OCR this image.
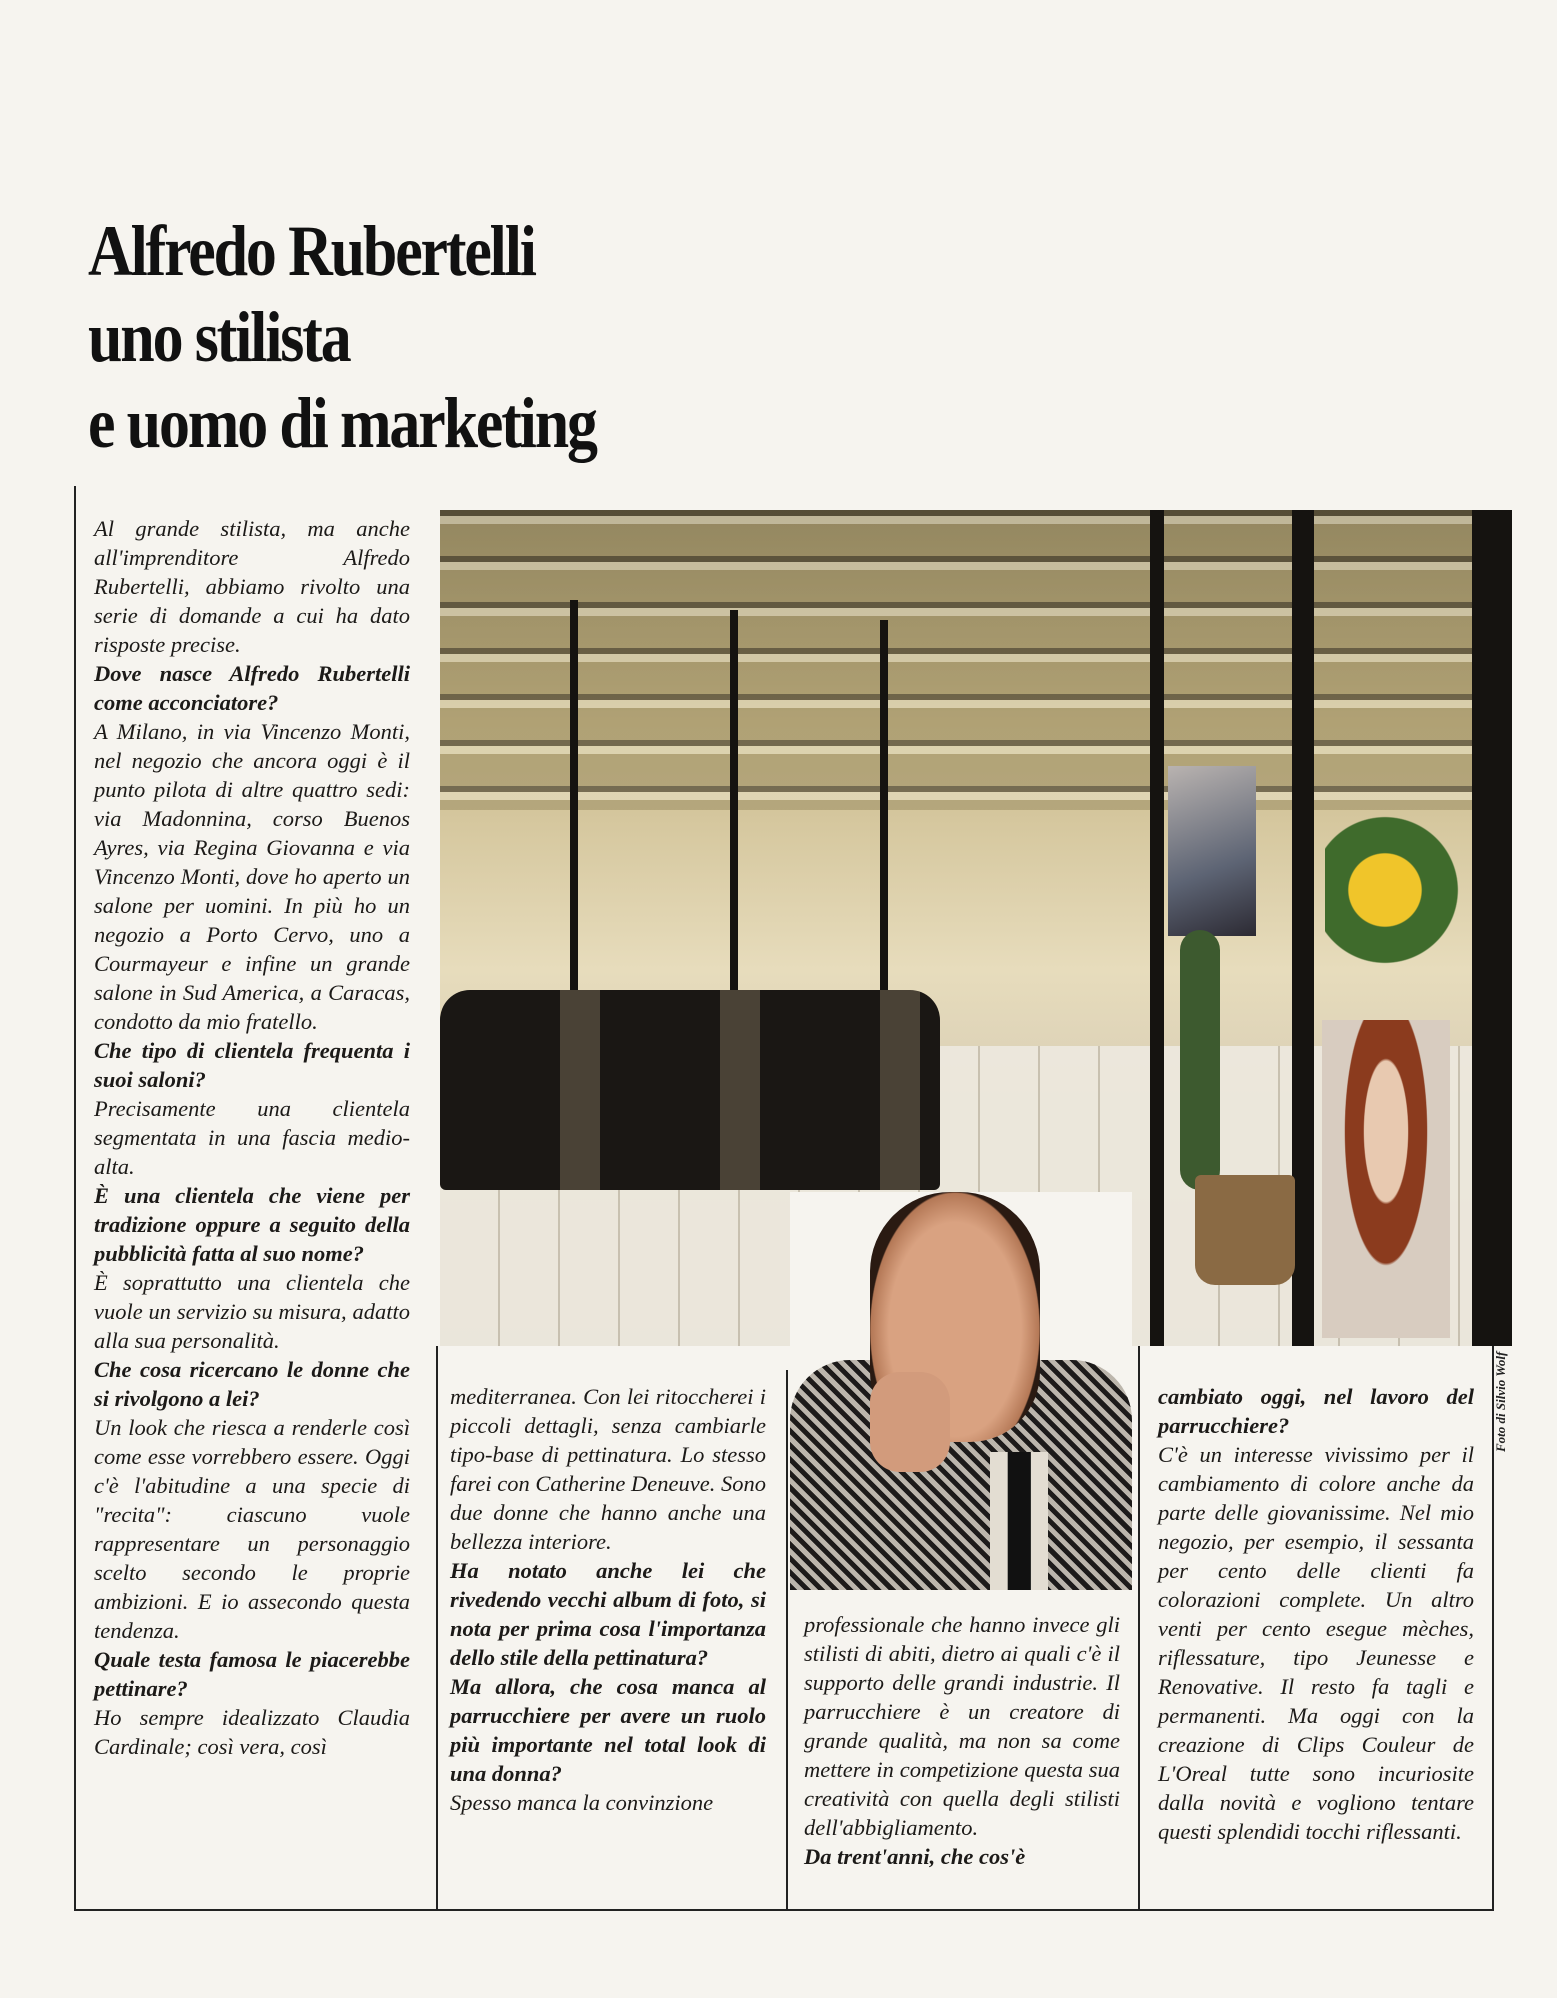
Alfredo Rubertelli
uno stilista
e uomo di marketing
Foto di Silvio Wolf

Al grande stilista, ma anche all'imprenditore Alfredo Rubertelli, abbiamo rivolto una serie di domande a cui ha dato risposte precise.

Dove nasce Alfredo Rubertelli come acconciatore?

A Milano, in via Vincenzo Monti, nel negozio che ancora oggi è il punto pilota di altre quattro sedi: via Madonnina, corso Buenos Ayres, via Regina Giovanna e via Vincenzo Monti, dove ho aperto un salone per uomini. In più ho un negozio a Porto Cervo, uno a Courmayeur e infine un grande salone in Sud America, a Caracas, condotto da mio fratello.

Che tipo di clientela frequenta i suoi saloni?

Precisamente una clientela segmentata in una fascia medio-alta.

È una clientela che viene per tradizione oppure a seguito della pubblicità fatta al suo nome?

È soprattutto una clientela che vuole un servizio su misura, adatto alla sua personalità.

Che cosa ricercano le donne che si rivolgono a lei?

Un look che riesca a renderle così come esse vorrebbero essere. Oggi c'è l'abitudine a una specie di "recita": ciascuno vuole rappresentare un personaggio scelto secondo le proprie ambizioni. E io assecondo questa tendenza.

Quale testa famosa le piacerebbe pettinare?

Ho sempre idealizzato Claudia Cardinale; così vera, così

mediterranea. Con lei ritoccherei i piccoli dettagli, senza cambiarle tipo-base di pettinatura. Lo stesso farei con Catherine Deneuve. Sono due donne che hanno anche una bellezza interiore.

Ha notato anche lei che rivedendo vecchi album di foto, si nota per prima cosa l'importanza dello stile della pettinatura?

Ma allora, che cosa manca al parrucchiere per avere un ruolo più importante nel total look di una donna?

Spesso manca la convinzione

professionale che hanno invece gli stilisti di abiti, dietro ai quali c'è il supporto delle grandi industrie. Il parrucchiere è un creatore di grande qualità, ma non sa come mettere in competizione questa sua creatività con quella degli stilisti dell'abbigliamento.

Da trent'anni, che cos'è

cambiato oggi, nel lavoro del parrucchiere?

C'è un interesse vivissimo per il cambiamento di colore anche da parte delle giovanissime. Nel mio negozio, per esempio, il sessanta per cento delle clienti fa colorazioni complete. Un altro venti per cento esegue mèches, riflessature, tipo Jeunesse e Renovative. Il resto fa tagli e permanenti. Ma oggi con la creazione di Clips Couleur de L'Oreal tutte sono incuriosite dalla novità e vogliono tentare questi splendidi tocchi riflessanti.
